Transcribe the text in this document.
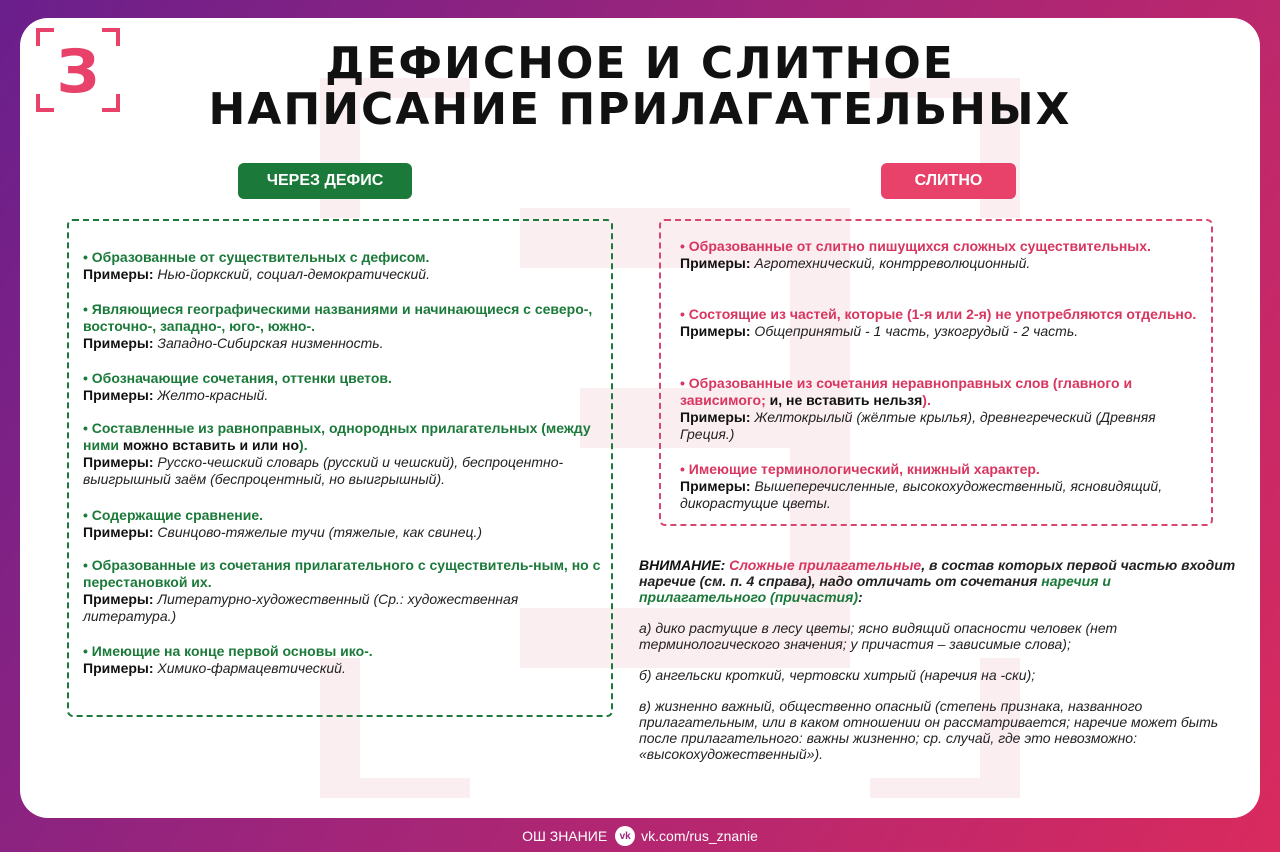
З	ДЕФИСНОЕ И СЛИТНОЕ
НАПИСАНИЕ ПРИЛАГАТЕЛЬНЫХ
ЧЕРЕЗ ДЕФИС	СЛИТНО
• Образованные от существительных с дефисом.
Примеры: Нью-йоркский, социал-демократический.
• Являющиеся географическими названиями и начинающиеся с северо-, восточно-, западно-, юго-, южно-.
Примеры: Западно-Сибирская низменность.
• Обозначающие сочетания, оттенки цветов.
Примеры: Желто-красный.
• Составленные из равноправных, однородных прилагательных (между ними можно вставить и или но).
Примеры: Русско-чешский словарь (русский и чешский), беспроцентно-выигрышный заём (беспроцентный, но выигрышный).
• Содержащие сравнение.
Примеры: Свинцово-тяжелые тучи (тяжелые, как свинец.)
• Образованные из сочетания прилагательного с существитель-ным, но с перестановкой их.
Примеры: Литературно-художественный (Ср.: художественная литература.)
• Имеющие на конце первой основы ико-.
Примеры: Химико-фармацевтический.
• Образованные от слитно пишущихся сложных существительных.
Примеры: Агротехнический, контрреволюционный.
• Состоящие из частей, которые (1-я или 2-я) не употребляются отдельно.
Примеры: Общепринятый - 1 часть, узкогрудый - 2 часть.
• Образованные из сочетания неравноправных слов (главного и зависимого; и, не вставить нельзя).
Примеры: Желтокрылый (жёлтые крылья), древнегреческий (Древняя Греция.)
• Имеющие терминологический, книжный характер.
Примеры: Вышеперечисленные, высокохудожественный, ясновидящий, дикорастущие цветы.

ВНИМАНИЕ: Сложные прилагательные, в состав которых первой частью входит наречие (см. п. 4 справа), надо отличать от сочетания наречия и прилагательного (причастия):

а) дико растущие в лесу цветы; ясно видящий опасности человек (нет терминологического значения; у причастия – зависимые слова);

б) ангельски кроткий, чертовски хитрый (наречия на -ски);

в) жизненно важный, общественно опасный (степень признака, названного прилагательным, или в каком отношении он рассматривается; наречие может быть после прилагательного: важны жизненно; ср. случай, где это невозможно: «высокохудожественный»).

ОШ ЗНАНИЕ	vk vk.com/rus_znanie
